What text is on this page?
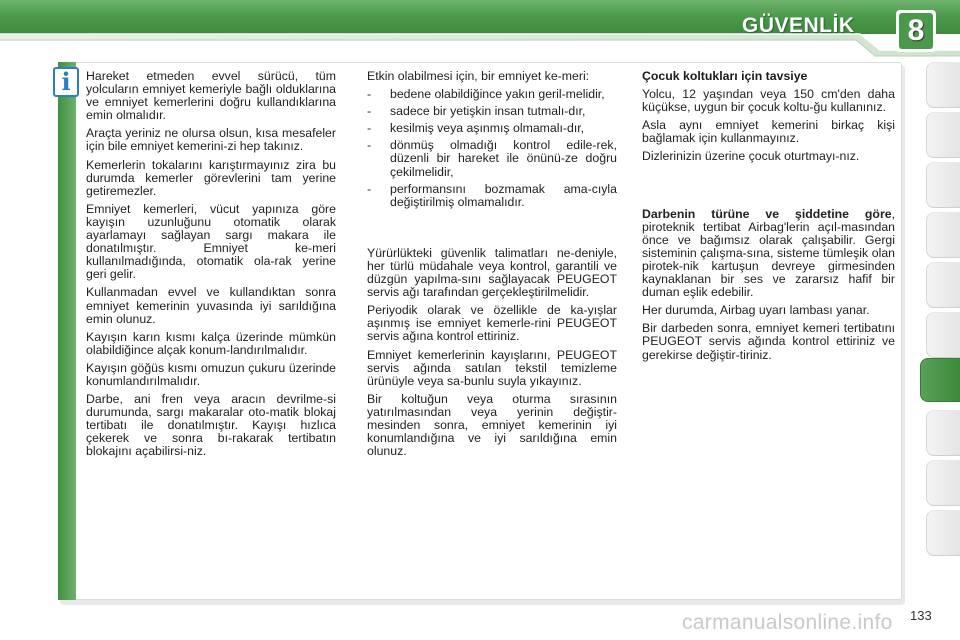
GÜVENLİK	8
i	Hareket etmeden evvel sürücü, tüm yolcuların emniyet kemeriyle bağlı olduklarına ve emniyet kemerlerini doğru kullandıklarına emin olmalıdır.

Araçta yeriniz ne olursa olsun, kısa mesafeler için bile emniyet kemerini-zi hep takınız.

Kemerlerin tokalarını karıştırmayınız zira bu durumda kemerler görevlerini tam yerine getiremezler.

Emniyet kemerleri, vücut yapınıza göre kayışın uzunluğunu otomatik olarak ayarlamayı sağlayan sargı makara ile donatılmıştır. Emniyet ke-meri kullanılmadığında, otomatik ola-rak yerine geri gelir.

Kullanmadan evvel ve kullandıktan sonra emniyet kemerinin yuvasında iyi sarıldığına emin olunuz.

Kayışın karın kısmı kalça üzerinde mümkün olabildiğince alçak konum-landırılmalıdır.

Kayışın göğüs kısmı omuzun çukuru üzerinde konumlandırılmalıdır.

Darbe, ani fren veya aracın devrilme-si durumunda, sargı makaralar oto-matik blokaj tertibatı ile donatılmıştır. Kayışı hızlıca çekerek ve sonra bı-rakarak tertibatın blokajını açabilirsi-niz.

Etkin olabilmesi için, bir emniyet ke-meri:

- bedene olabildiğince yakın geril-melidir,
- sadece bir yetişkin insan tutmalı-dır,
- kesilmiş veya aşınmış olmamalı-dır,
- dönmüş olmadığı kontrol edile-rek, düzenli bir hareket ile önünü-ze doğru çekilmelidir,
- performansını bozmamak ama-cıyla değiştirilmiş olmamalıdır.

Yürürlükteki güvenlik talimatları ne-deniyle, her türlü müdahale veya kontrol, garantili ve düzgün yapılma-sını sağlayacak PEUGEOT servis ağı tarafından gerçekleştirilmelidir.

Periyodik olarak ve özellikle de ka-yışlar aşınmış ise emniyet kemerle-rini PEUGEOT servis ağına kontrol ettiriniz.

Emniyet kemerlerinin kayışlarını, PEUGEOT servis ağında satılan tekstil temizleme ürünüyle veya sa-bunlu suyla yıkayınız.

Bir koltuğun veya oturma sırasının yatırılmasından veya yerinin değiştir-mesinden sonra, emniyet kemerinin iyi konumlandığına ve iyi sarıldığına emin olunuz.

Çocuk koltukları için tavsiye

Yolcu, 12 yaşından veya 150 cm'den daha küçükse, uygun bir çocuk koltu-ğu kullanınız.

Asla aynı emniyet kemerini birkaç kişi bağlamak için kullanmayınız.

Dizlerinizin üzerine çocuk oturtmayı-nız.

Darbenin türüne ve şiddetine göre, piroteknik tertibat Airbag'lerin açıl-masından önce ve bağımsız olarak çalışabilir. Gergi sisteminin çalışma-sına, sisteme tümleşik olan pirotek-nik kartuşun devreye girmesinden kaynaklanan bir ses ve zararsız hafif bir duman eşlik edebilir.

Her durumda, Airbag uyarı lambası yanar.

Bir darbeden sonra, emniyet kemeri tertibatını PEUGEOT servis ağında kontrol ettiriniz ve gerekirse değiştir-tiriniz.

carmanualsonline.info 133
